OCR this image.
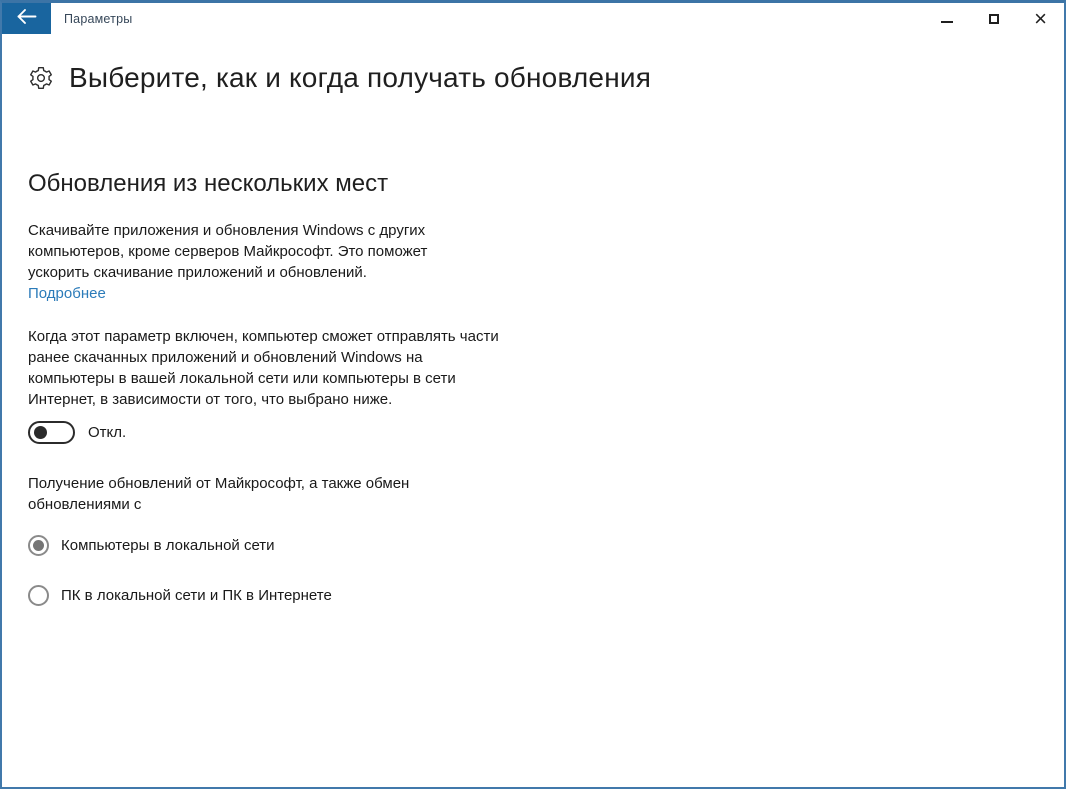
Параметры	×
Выберите, как и когда получать обновления
Обновления из нескольких мест

Скачивайте приложения и обновления Windows с других компьютеров, кроме серверов Майкрософт. Это поможет ускорить скачивание приложений и обновлений.

Подробнее

Когда этот параметр включен, компьютер сможет отправлять части ранее скачанных приложений и обновлений Windows на компьютеры в вашей локальной сети или компьютеры в сети Интернет, в зависимости от того, что выбрано ниже.

Откл.

Получение обновлений от Майкрософт, а также обмен обновлениями с

Компьютеры в локальной сети
ПК в локальной сети и ПК в Интернете
